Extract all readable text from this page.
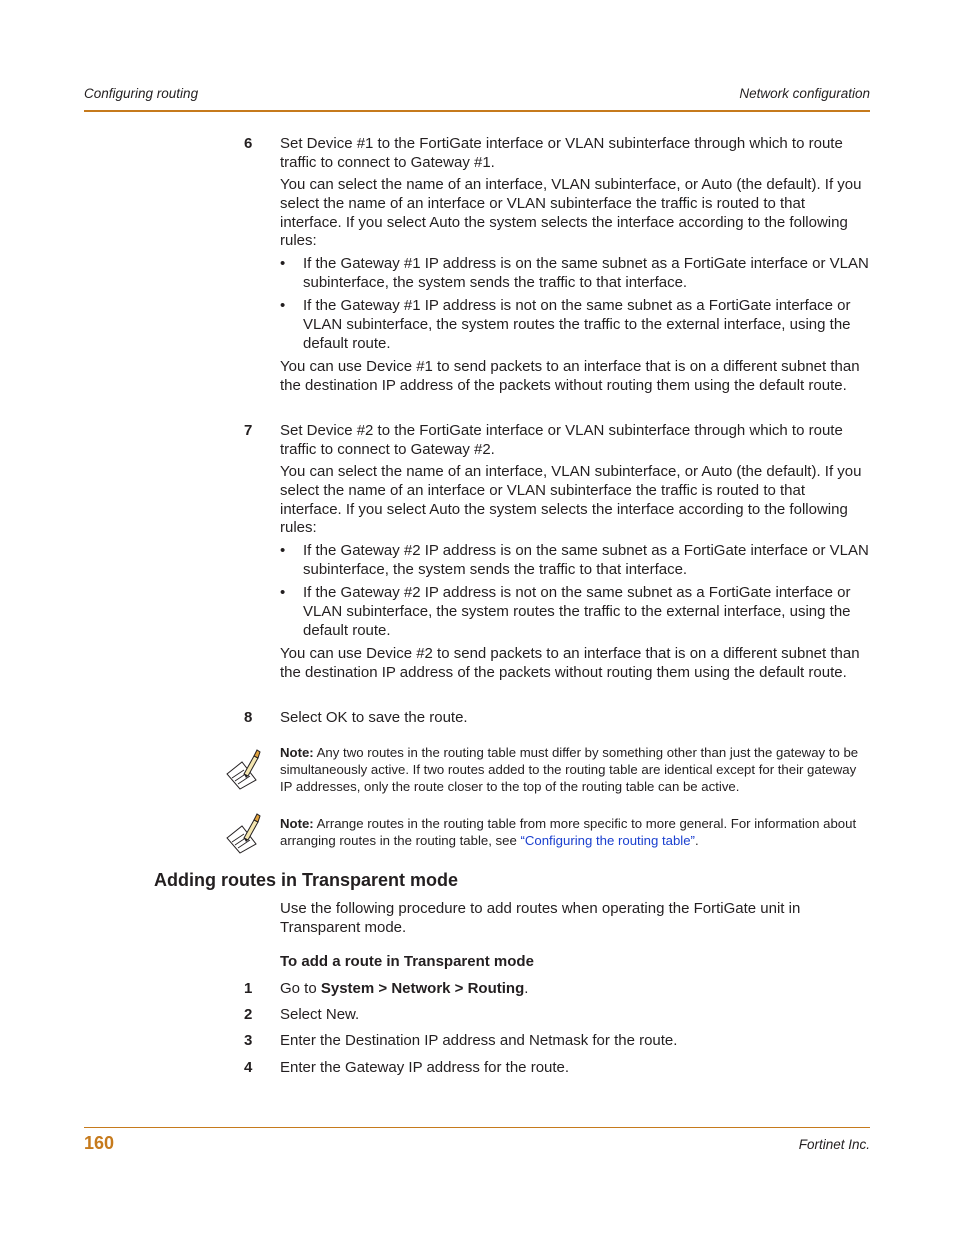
Configuring routing	Network configuration
6 Set Device #1 to the FortiGate interface or VLAN subinterface through which to route traffic to connect to Gateway #1.

You can select the name of an interface, VLAN subinterface, or Auto (the default). If you select the name of an interface or VLAN subinterface the traffic is routed to that interface. If you select Auto the system selects the interface according to the following rules:

• If the Gateway #1 IP address is on the same subnet as a FortiGate interface or VLAN subinterface, the system sends the traffic to that interface.

• If the Gateway #1 IP address is not on the same subnet as a FortiGate interface or VLAN subinterface, the system routes the traffic to the external interface, using the default route.

You can use Device #1 to send packets to an interface that is on a different subnet than the destination IP address of the packets without routing them using the default route.

7 Set Device #2 to the FortiGate interface or VLAN subinterface through which to route traffic to connect to Gateway #2.

You can select the name of an interface, VLAN subinterface, or Auto (the default). If you select the name of an interface or VLAN subinterface the traffic is routed to that interface. If you select Auto the system selects the interface according to the following rules:

• If the Gateway #2 IP address is on the same subnet as a FortiGate interface or VLAN subinterface, the system sends the traffic to that interface.

• If the Gateway #2 IP address is not on the same subnet as a FortiGate interface or VLAN subinterface, the system routes the traffic to the external interface, using the default route.

You can use Device #2 to send packets to an interface that is on a different subnet than the destination IP address of the packets without routing them using the default route.

8 Select OK to save the route.

Note: Any two routes in the routing table must differ by something other than just the gateway to be simultaneously active. If two routes added to the routing table are identical except for their gateway IP addresses, only the route closer to the top of the routing table can be active.

Note: Arrange routes in the routing table from more specific to more general. For information about arranging routes in the routing table, see “Configuring the routing table”.

Adding routes in Transparent mode

Use the following procedure to add routes when operating the FortiGate unit in Transparent mode.

To add a route in Transparent mode
1 Go to System > Network > Routing.

2 Select New.

3 Enter the Destination IP address and Netmask for the route.

4 Enter the Gateway IP address for the route.

160	Fortinet Inc.
